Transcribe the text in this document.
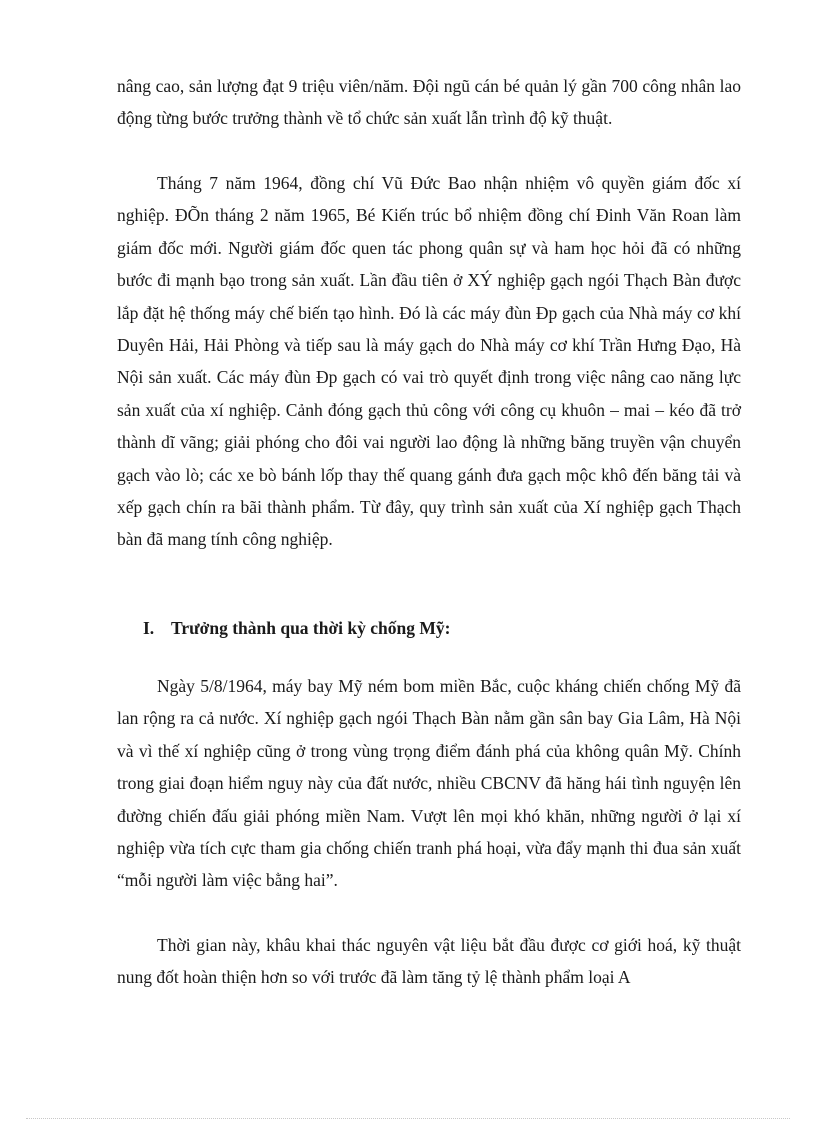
nâng cao, sản lượng đạt 9 triệu viên/năm. Đội ngũ cán bé quản lý gần 700 công nhân lao động từng bước trưởng thành về tổ chức sản xuất lẫn trình độ kỹ thuật.

Tháng 7 năm 1964, đồng chí Vũ Đức Bao nhận nhiệm vô quyền giám đốc xí nghiệp. ĐÕn tháng 2 năm 1965, Bé Kiến trúc bổ nhiệm đồng chí Đinh Văn Roan làm giám đốc mới. Người giám đốc quen tác phong quân sự và ham học hỏi đã có những bước đi mạnh bạo trong sản xuất. Lần đầu tiên ở XÝ nghiệp gạch ngói Thạch Bàn được lắp đặt hệ thống máy chế biến tạo hình. Đó là các máy đùn Ðp gạch của Nhà máy cơ khí Duyên Hải, Hải Phòng và tiếp sau là máy gạch do Nhà máy cơ khí Trần Hưng Đạo, Hà Nội sản xuất. Các máy đùn Ðp gạch có vai trò quyết định trong việc nâng cao năng lực sản xuất của xí nghiệp. Cảnh đóng gạch thủ công với công cụ khuôn – mai – kéo đã trở thành dĩ vãng; giải phóng cho đôi vai người lao động là những băng truyền vận chuyển gạch vào lò; các xe bò bánh lốp thay thế quang gánh đưa gạch mộc khô đến băng tải và xếp gạch chín ra bãi thành phẩm. Từ đây, quy trình sản xuất của Xí nghiệp gạch Thạch bàn đã mang tính công nghiệp.

I. Trưởng thành qua thời kỳ chống Mỹ:

Ngày 5/8/1964, máy bay Mỹ ném bom miền Bắc, cuộc kháng chiến chống Mỹ đã lan rộng ra cả nước. Xí nghiệp gạch ngói Thạch Bàn nằm gần sân bay Gia Lâm, Hà Nội và vì thế xí nghiệp cũng ở trong vùng trọng điểm đánh phá của không quân Mỹ. Chính trong giai đoạn hiểm nguy này của đất nước, nhiều CBCNV đã hăng hái tình nguyện lên đường chiến đấu giải phóng miền Nam. Vượt lên mọi khó khăn, những người ở lại xí nghiệp vừa tích cực tham gia chống chiến tranh phá hoại, vừa đẩy mạnh thi đua sản xuất “mỗi người làm việc bằng hai”.

Thời gian này, khâu khai thác nguyên vật liệu bắt đầu được cơ giới hoá, kỹ thuật nung đốt hoàn thiện hơn so với trước đã làm tăng tỷ lệ thành phẩm loại A
